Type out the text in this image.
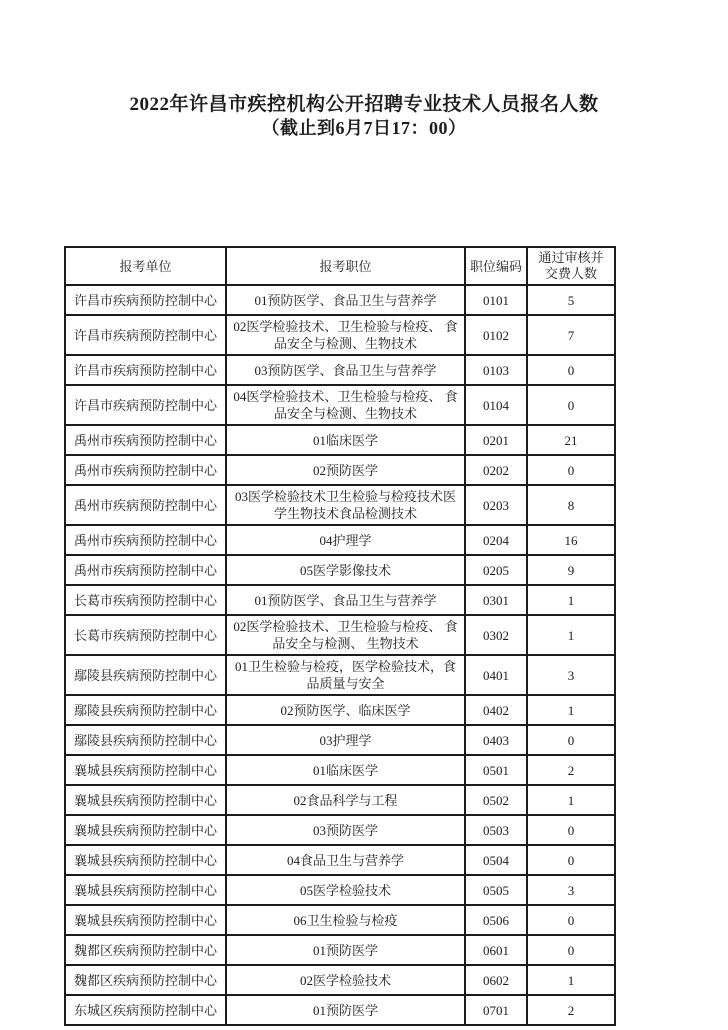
2022年许昌市疾控机构公开招聘专业技术人员报名人数
（截止到6月7日17：00）
报考单位	报考职位	职位编码	通过审核并交费人数
许昌市疾病预防控制中心	01预防医学、食品卫生与营养学	0101	5
许昌市疾病预防控制中心	02医学检验技术、卫生检验与检疫、 食品安全与检测、生物技术	0102	7
许昌市疾病预防控制中心	03预防医学、食品卫生与营养学	0103	0
许昌市疾病预防控制中心	04医学检验技术、卫生检验与检疫、 食品安全与检测、生物技术	0104	0
禹州市疾病预防控制中心	01临床医学	0201	21
禹州市疾病预防控制中心	02预防医学	0202	0
禹州市疾病预防控制中心	03医学检验技术卫生检验与检疫技术医学生物技术食品检测技术	0203	8
禹州市疾病预防控制中心	04护理学	0204	16
禹州市疾病预防控制中心	05医学影像技术	0205	9
长葛市疾病预防控制中心	01预防医学、食品卫生与营养学	0301	1
长葛市疾病预防控制中心	02医学检验技术、卫生检验与检疫、 食品安全与检测、 生物技术	0302	1
鄢陵县疾病预防控制中心	01卫生检验与检疫，医学检验技术，食品质量与安全	0401	3
鄢陵县疾病预防控制中心	02预防医学、临床医学	0402	1
鄢陵县疾病预防控制中心	03护理学	0403	0
襄城县疾病预防控制中心	01临床医学	0501	2
襄城县疾病预防控制中心	02食品科学与工程	0502	1
襄城县疾病预防控制中心	03预防医学	0503	0
襄城县疾病预防控制中心	04食品卫生与营养学	0504	0
襄城县疾病预防控制中心	05医学检验技术	0505	3
襄城县疾病预防控制中心	06卫生检验与检疫	0506	0
魏都区疾病预防控制中心	01预防医学	0601	0
魏都区疾病预防控制中心	02医学检验技术	0602	1
东城区疾病预防控制中心	01预防医学	0701	2
